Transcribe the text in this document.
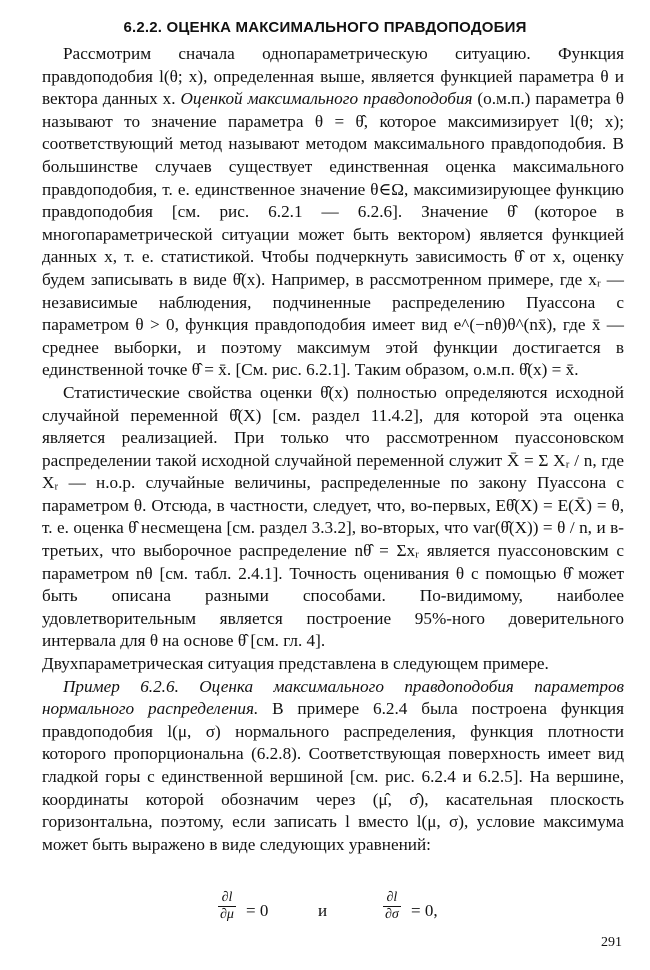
6.2.2. ОЦЕНКА МАКСИМАЛЬНОГО ПРАВДОПОДОБИЯ

Рассмотрим сначала однопараметрическую ситуацию. Функция правдоподобия l(θ; x), определенная выше, является функцией параметра θ и вектора данных x. Оценкой максимального правдоподобия (о.м.п.) параметра θ называют то значение параметра θ = θ̂, которое максимизирует l(θ; x); соответствующий метод называют методом максимального правдоподобия. В большинстве случаев существует единственная оценка максимального правдоподобия, т. е. единственное значение θ∈Ω, максимизирующее функцию правдоподобия [см. рис. 6.2.1 — 6.2.6]. Значение θ̂ (которое в многопараметрической ситуации может быть вектором) является функцией данных x, т. е. статистикой. Чтобы подчеркнуть зависимость θ̂ от x, оценку будем записывать в виде θ̂(x). Например, в рассмотренном примере, где xᵣ — независимые наблюдения, подчиненные распределению Пуассона с параметром θ > 0, функция правдоподобия имеет вид e^(−nθ)θ^(nx̄), где x̄ — среднее выборки, и поэтому максимум этой функции достигается в единственной точке θ̂ = x̄. [См. рис. 6.2.1]. Таким образом, о.м.п. θ̂(x) = x̄.

Статистические свойства оценки θ̂(x) полностью определяются исходной случайной переменной θ̂(X) [см. раздел 11.4.2], для которой эта оценка является реализацией. При только что рассмотренном пуассоновском распределении такой исходной случайной переменной служит X̄ = Σ Xᵣ / n, где Xᵣ — н.о.р. случайные величины, распределенные по закону Пуассона с параметром θ. Отсюда, в частности, следует, что, во-первых, Eθ̂(X) = E(X̄) = θ, т. е. оценка θ̂ несмещена [см. раздел 3.3.2], во-вторых, что var(θ̂(X)) = θ / n, и в-третьих, что выборочное распределение nθ̂ = Σxᵣ является пуассоновским с параметром nθ [см. табл. 2.4.1]. Точность оценивания θ с помощью θ̂ может быть описана разными способами. По-видимому, наиболее удовлетворительным является построение 95%-ного доверительного интервала для θ на основе θ̂ [см. гл. 4].

Двухпараметрическая ситуация представлена в следующем примере.

Пример 6.2.6. Оценка максимального правдоподобия параметров нормального распределения. В примере 6.2.4 была построена функция правдоподобия l(μ, σ) нормального распределения, функция плотности которого пропорциональна (6.2.8). Соответствующая поверхность имеет вид гладкой горы с единственной вершиной [см. рис. 6.2.4 и 6.2.5]. На вершине, координаты которой обозначим через (μ̂, σ̂), касательная плоскость горизонтальна, поэтому, если записать l вместо l(μ, σ), условие максимума может быть выражено в виде следующих уравнений:

$\frac{\partial l}{\partial\mu} = 0$	и	$\frac{\partial l}{\partial\sigma} = 0$,
291
